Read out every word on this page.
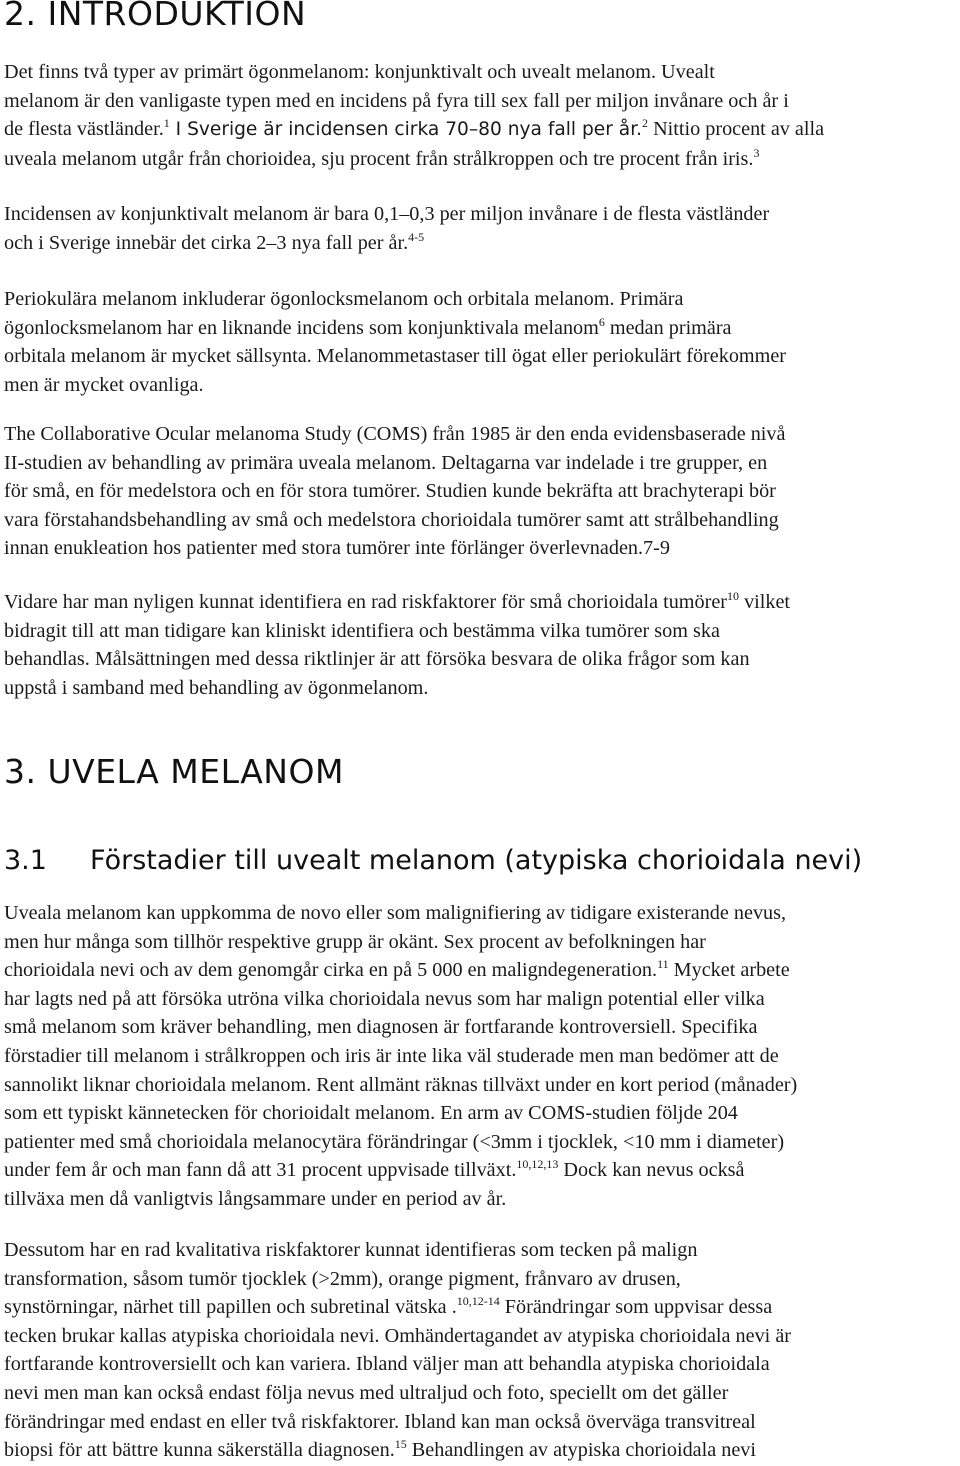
2. INTRODUKTION
Det finns två typer av primärt ögonmelanom: konjunktivalt och uvealt melanom. Uvealt
melanom är den vanligaste typen med en incidens på fyra till sex fall per miljon invånare och år i
de flesta västländer.$^1$ I Sverige är incidensen cirka 70–80 nya fall per år.$^2$ Nittio procent av alla
uveala melanom utgår från chorioidea, sju procent från strålkroppen och tre procent från iris.$^3$
Incidensen av konjunktivalt melanom är bara 0,1–0,3 per miljon invånare i de flesta västländer
och i Sverige innebär det cirka 2–3 nya fall per år.$^{4-5}$
Periokulära melanom inkluderar ögonlocksmelanom och orbitala melanom. Primära
ögonlocksmelanom har en liknande incidens som konjunktivala melanom$^6$ medan primära
orbitala melanom är mycket sällsynta. Melanommetastaser till ögat eller periokulärt förekommer
men är mycket ovanliga.
The Collaborative Ocular melanoma Study (COMS) från 1985 är den enda evidensbaserade nivå
II-studien av behandling av primära uveala melanom. Deltagarna var indelade i tre grupper, en
för små, en för medelstora och en för stora tumörer. Studien kunde bekräfta att brachyterapi bör
vara förstahandsbehandling av små och medelstora chorioidala tumörer samt att strålbehandling
innan enukleation hos patienter med stora tumörer inte förlänger överlevnaden.7-9
Vidare har man nyligen kunnat identifiera en rad riskfaktorer för små chorioidala tumörer$^{10}$ vilket
bidragit till att man tidigare kan kliniskt identifiera och bestämma vilka tumörer som ska
behandlas. Målsättningen med dessa riktlinjer är att försöka besvara de olika frågor som kan
uppstå i samband med behandling av ögonmelanom.
3. UVELA MELANOM
3.1 Förstadier till uvealt melanom (atypiska chorioidala nevi)
Uveala melanom kan uppkomma de novo eller som malignifiering av tidigare existerande nevus,
men hur många som tillhör respektive grupp är okänt. Sex procent av befolkningen har
chorioidala nevi och av dem genomgår cirka en på 5 000 en maligndegeneration.$^{11}$ Mycket arbete
har lagts ned på att försöka utröna vilka chorioidala nevus som har malign potential eller vilka
små melanom som kräver behandling, men diagnosen är fortfarande kontroversiell. Specifika
förstadier till melanom i strålkroppen och iris är inte lika väl studerade men man bedömer att de
sannolikt liknar chorioidala melanom. Rent allmänt räknas tillväxt under en kort period (månader)
som ett typiskt kännetecken för chorioidalt melanom. En arm av COMS-studien följde 204
patienter med små chorioidala melanocytära förändringar (<3mm i tjocklek, <10 mm i diameter)
under fem år och man fann då att 31 procent uppvisade tillväxt.$^{10,12,13}$ Dock kan nevus också
tillväxa men då vanligtvis långsammare under en period av år.
Dessutom har en rad kvalitativa riskfaktorer kunnat identifieras som tecken på malign
transformation, såsom tumör tjocklek (>2mm), orange pigment, frånvaro av drusen,
synstörningar, närhet till papillen och subretinal vätska .$^{10,12-14}$ Förändringar som uppvisar dessa
tecken brukar kallas atypiska chorioidala nevi. Omhändertagandet av atypiska chorioidala nevi är
fortfarande kontroversiellt och kan variera. Ibland väljer man att behandla atypiska chorioidala
nevi men man kan också endast följa nevus med ultraljud och foto, speciellt om det gäller
förändringar med endast en eller två riskfaktorer. Ibland kan man också överväga transvitreal
biopsi för att bättre kunna säkerställa diagnosen.$^{15}$ Behandlingen av atypiska chorioidala nevi
